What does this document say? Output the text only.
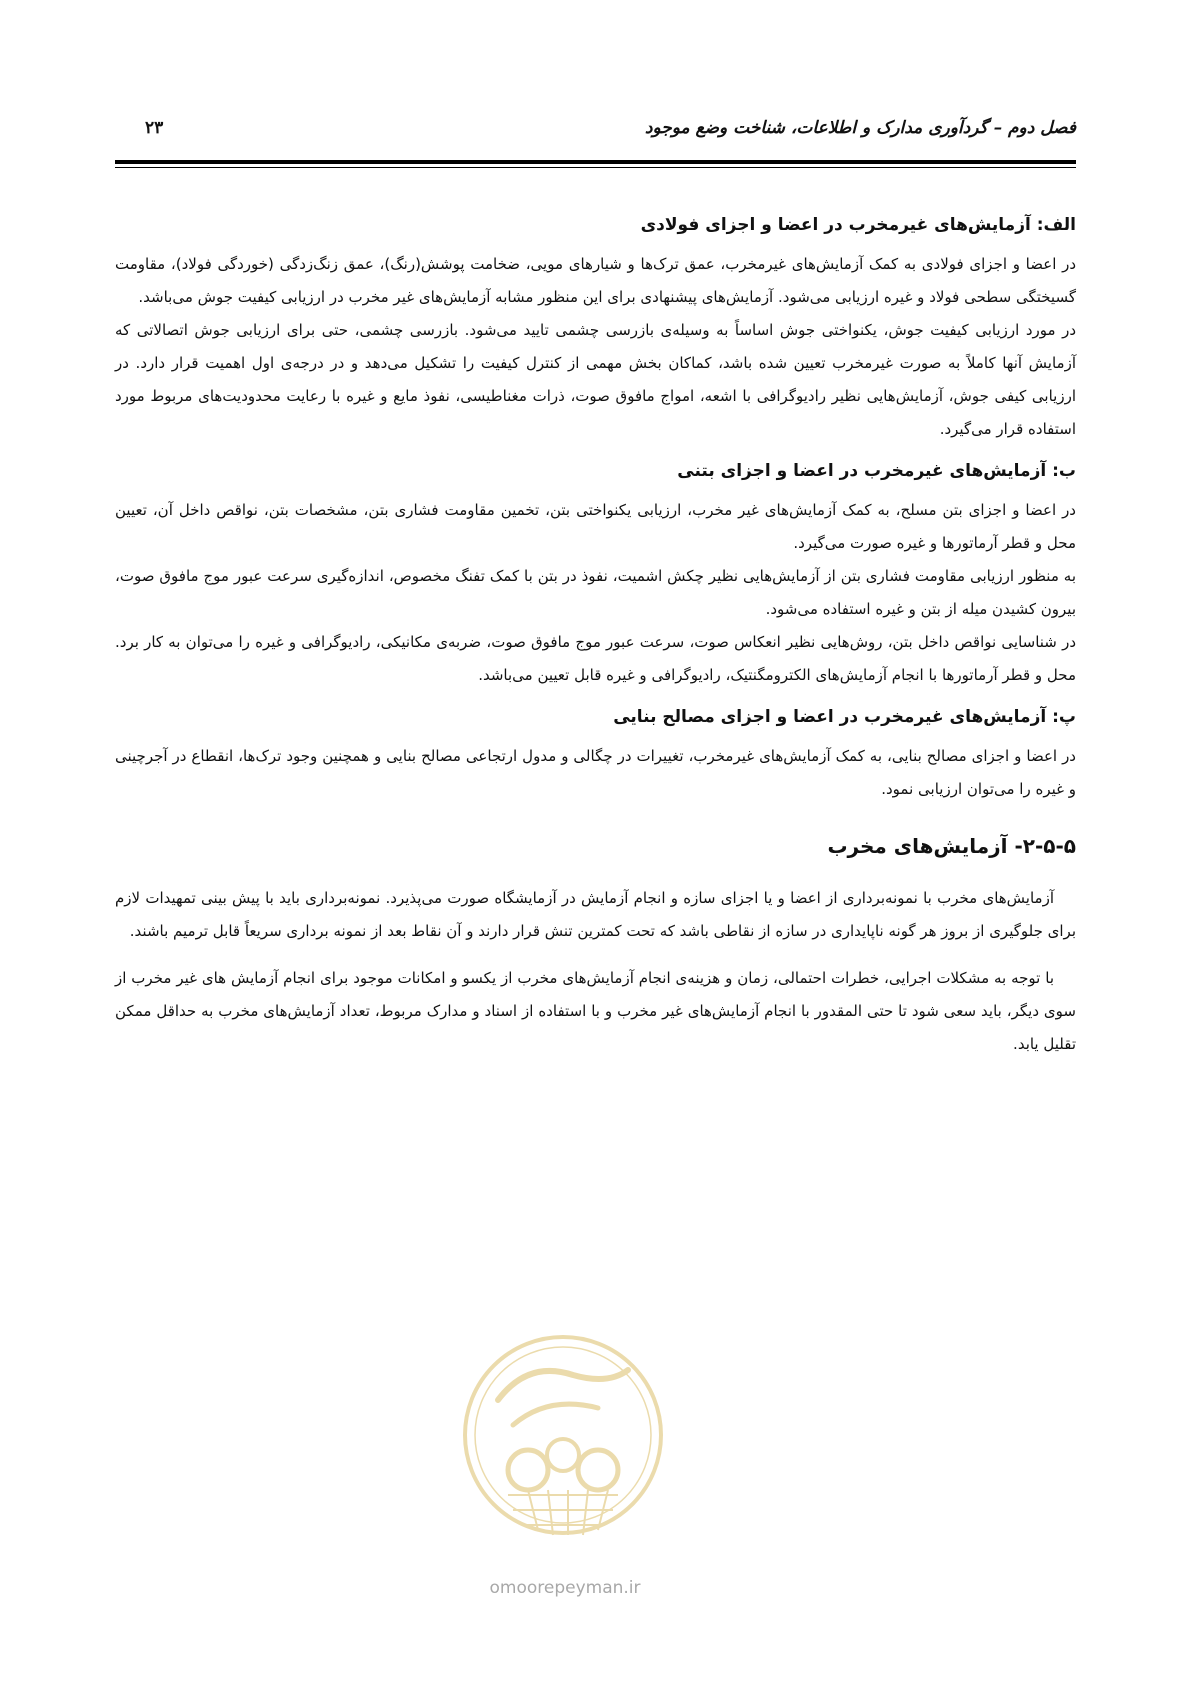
فصل دوم – گردآوری مدارک و اطلاعات، شناخت وضع موجود
۲۳
الف: آزمایش‌های غیرمخرب در اعضا و اجزای فولادی

در اعضا و اجزای فولادی به کمک آزمایش‌های غیرمخرب، عمق ترک‌ها و شیارهای مویی، ضخامت پوشش(رنگ)، عمق زنگ‌زدگی (خوردگی فولاد)، مقاومت گسیختگی سطحی فولاد و غیره ارزیابی می‌شود. آزمایش‌های پیشنهادی برای این منظور مشابه آزمایش‌های غیر مخرب در ارزیابی کیفیت جوش می‌باشد.

در مورد ارزیابی کیفیت جوش، یکنواختی جوش اساساً به وسیله‌ی بازرسی چشمی تایید می‌شود. بازرسی چشمی، حتی برای ارزیابی جوش اتصالاتی که آزمایش آنها کاملاً به صورت غیرمخرب تعیین شده باشد، کماکان بخش مهمی از کنترل کیفیت را تشکیل می‌دهد و در درجه‌ی اول اهمیت قرار دارد. در ارزیابی کیفی جوش، آزمایش‌هایی نظیر رادیوگرافی با اشعه، امواج مافوق صوت، ذرات مغناطیسی، نفوذ مایع و غیره با رعایت محدودیت‌های مربوط مورد استفاده قرار می‌گیرد.

ب: آزمایش‌های غیرمخرب در اعضا و اجزای بتنی

در اعضا و اجزای بتن مسلح، به کمک آزمایش‌های غیر مخرب، ارزیابی یکنواختی بتن، تخمین مقاومت فشاری بتن، مشخصات بتن، نواقص داخل آن، تعیین محل و قطر آرماتورها و غیره صورت می‌گیرد.

به منظور ارزیابی مقاومت فشاری بتن از آزمایش‌هایی نظیر چکش اشمیت، نفوذ در بتن با کمک تفنگ مخصوص، اندازه‌گیری سرعت عبور موج مافوق صوت، بیرون کشیدن میله از بتن و غیره استفاده می‌شود.

در شناسایی نواقص داخل بتن، روش‌هایی نظیر انعکاس صوت، سرعت عبور موج مافوق صوت، ضربه‌ی مکانیکی، رادیوگرافی و غیره را می‌توان به کار برد. محل و قطر آرماتورها با انجام آزمایش‌های الکترومگنتیک، رادیوگرافی و غیره قابل تعیین می‌باشد.

پ: آزمایش‌های غیرمخرب در اعضا و اجزای مصالح بنایی

در اعضا و اجزای مصالح بنایی، به کمک آزمایش‌های غیرمخرب، تغییرات در چگالی و مدول ارتجاعی مصالح بنایی و همچنین وجود ترک‌ها، انقطاع در آجرچینی و غیره را می‌توان ارزیابی نمود.

۲-۵-۵- آزمایش‌های مخرب

آزمایش‌های مخرب با نمونه‌برداری از اعضا و یا اجزای سازه و انجام آزمایش در آزمایشگاه صورت می‌پذیرد. نمونه‌برداری باید با پیش بینی تمهیدات لازم برای جلوگیری از بروز هر گونه ناپایداری در سازه از نقاطی باشد که تحت کمترین تنش قرار دارند و آن نقاط بعد از نمونه برداری سریعاً قابل ترمیم باشند.

با توجه به مشکلات اجرایی، خطرات احتمالی، زمان و هزینه‌ی انجام آزمایش‌های مخرب از یکسو و امکانات موجود برای انجام آزمایش های غیر مخرب از سوی دیگر، باید سعی شود تا حتی المقدور با انجام آزمایش‌های غیر مخرب و با استفاده از اسناد و مدارک مربوط، تعداد آزمایش‌های مخرب به حداقل ممکن تقلیل یابد.

omoorepeyman.ir
